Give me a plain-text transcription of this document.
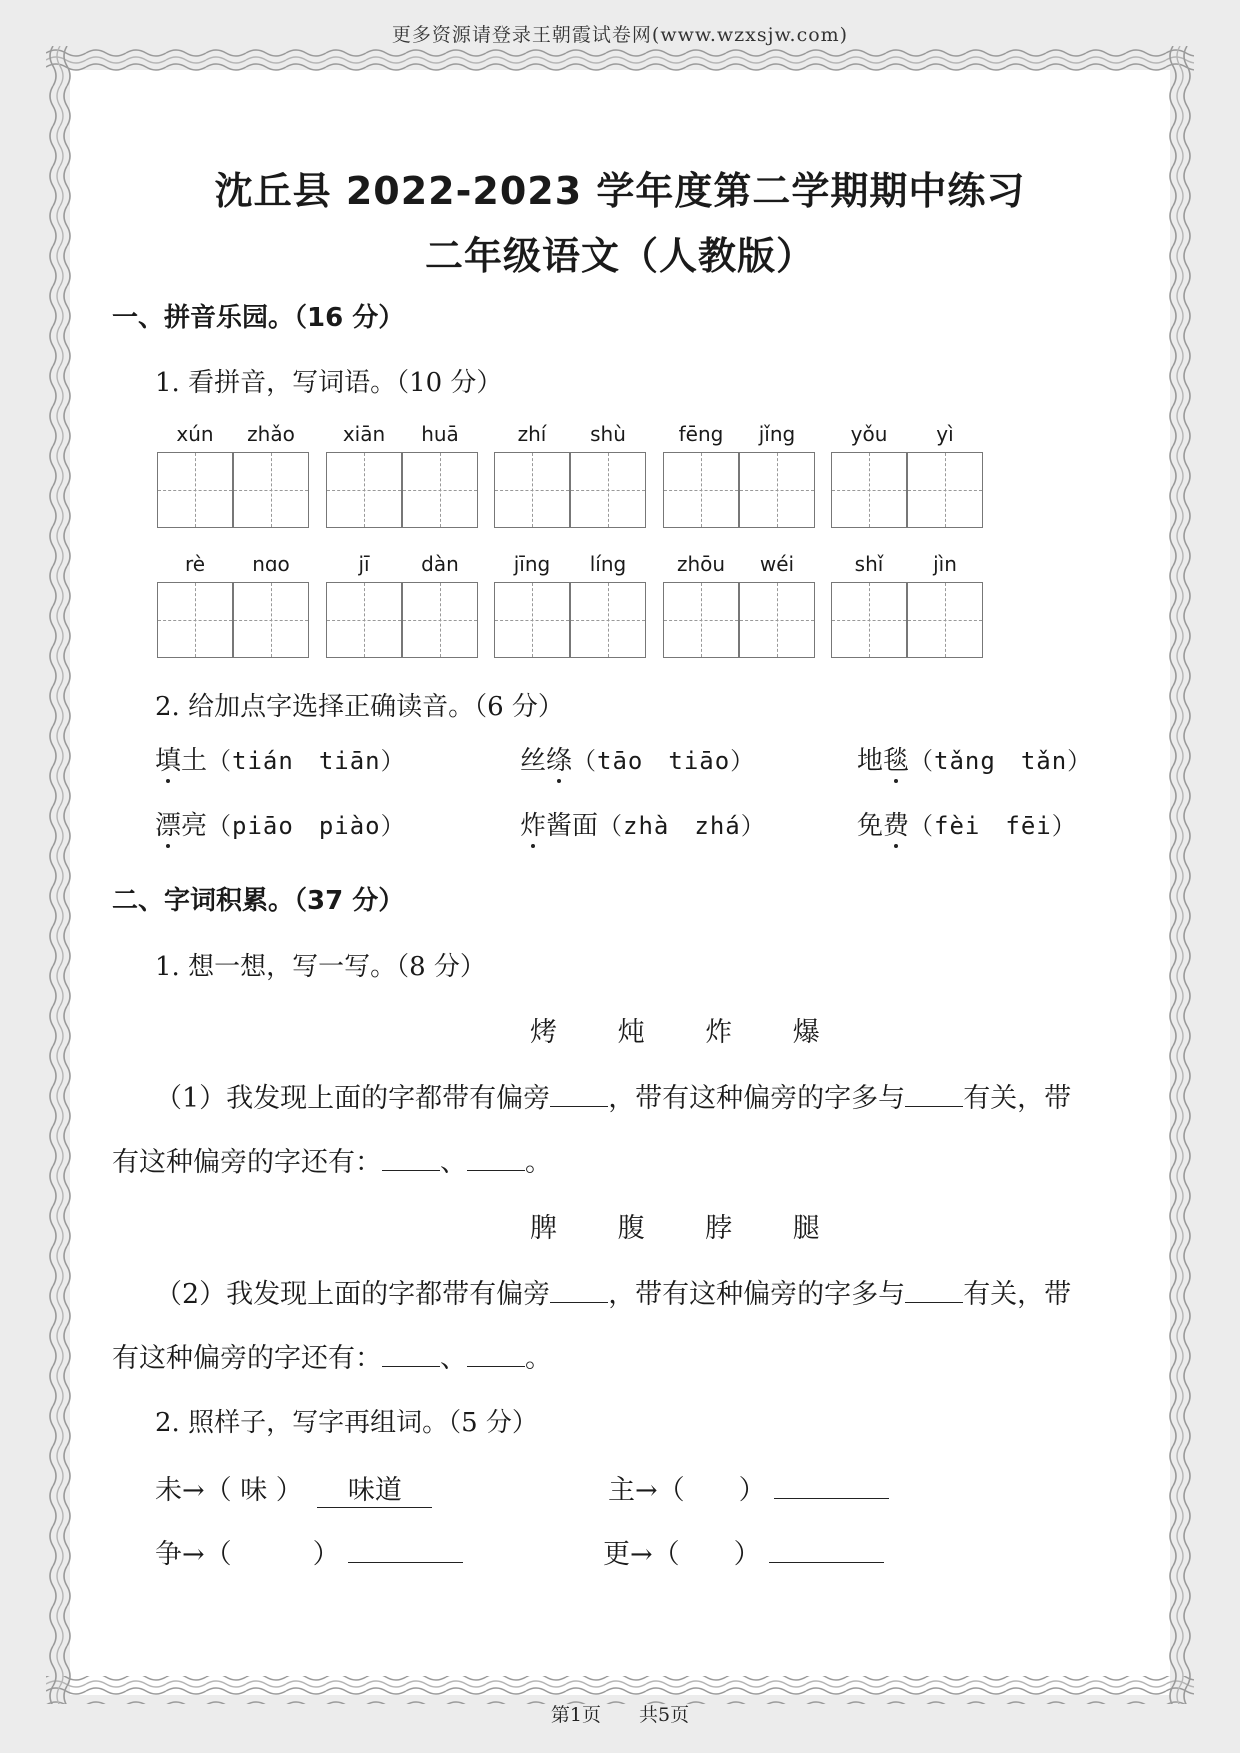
更多资源请登录王朝霞试卷网(www.wzxsjw.com)
沈丘县 2022-2023 学年度第二学期期中练习
二年级语文（人教版）
一、拼音乐园。（16 分）
1. 看拼音，写词语。（10 分）
xún	zhǎo	xiān	huā	zhí	shù	fēng	jǐng	yǒu	yì
rè	nɑo	jī	dàn	jīng	líng	zhōu	wéi	shǐ	jìn
2. 给加点字选择正确读音。（6 分）
填土（tián　tiān）	丝绦（tāo　tiāo）	地毯（tǎng　tǎn）
漂亮（piāo　piào）	炸酱面（zhà　zhá）	免费（fèi　fēi）
二、字词积累。（37 分）
1. 想一想，写一写。（8 分）
烤 炖 炸 爆
（1）我发现上面的字都带有偏旁 ，带有这种偏旁的字多与 有关，带
有这种偏旁的字还有： 、 。
脾 腹 脖 腿
（2）我发现上面的字都带有偏旁 ，带有这种偏旁的字多与 有关，带
有这种偏旁的字还有： 、 。
2. 照样子，写字再组词。（5 分）
未→（ 味 ） 味道	主→（　　）
争→（　　　）	更→（　　）
第1页　　共5页
